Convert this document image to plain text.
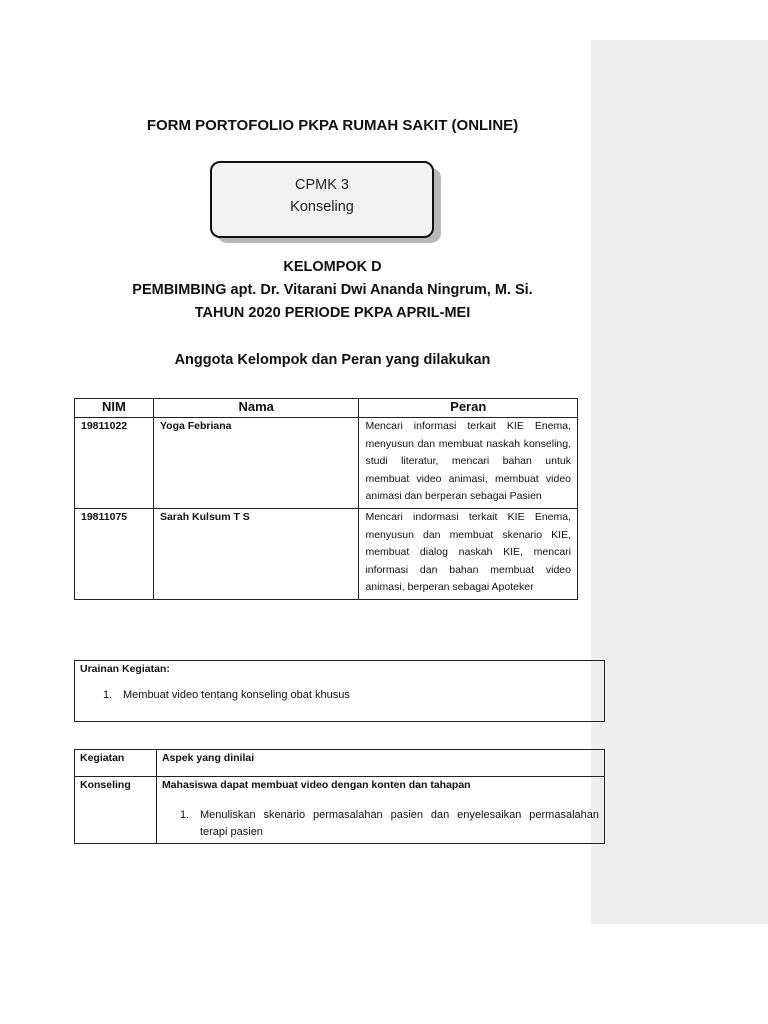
FORM PORTOFOLIO PKPA RUMAH SAKIT (ONLINE)
CPMK 3
Konseling
KELOMPOK D
PEMBIMBING apt. Dr. Vitarani Dwi Ananda Ningrum, M. Si.
TAHUN 2020 PERIODE PKPA APRIL-MEI
Anggota Kelompok dan Peran yang dilakukan
NIM	Nama	Peran
19811022	Yoga Febriana	Mencari informasi terkait KIE Enema, menyusun dan membuat naskah konseling, studi literatur, mencari bahan untuk membuat video animasi, membuat video animasi dan berperan sebagai Pasien
19811075	Sarah Kulsum T S	Mencari indormasi terkait KIE Enema, menyusun dan membuat skenario KIE, membuat dialog naskah KIE, mencari informasi dan bahan membuat video animasi, berperan sebagai Apoteker
Urainan Kegiatan:
1. Membuat video tentang konseling obat khusus
Kegiatan	Aspek yang dinilai
Konseling	Mahasiswa dapat membuat video dengan konten dan tahapan
1. Menuliskan skenario permasalahan pasien dan enyelesaikan permasalahan terapi pasien
